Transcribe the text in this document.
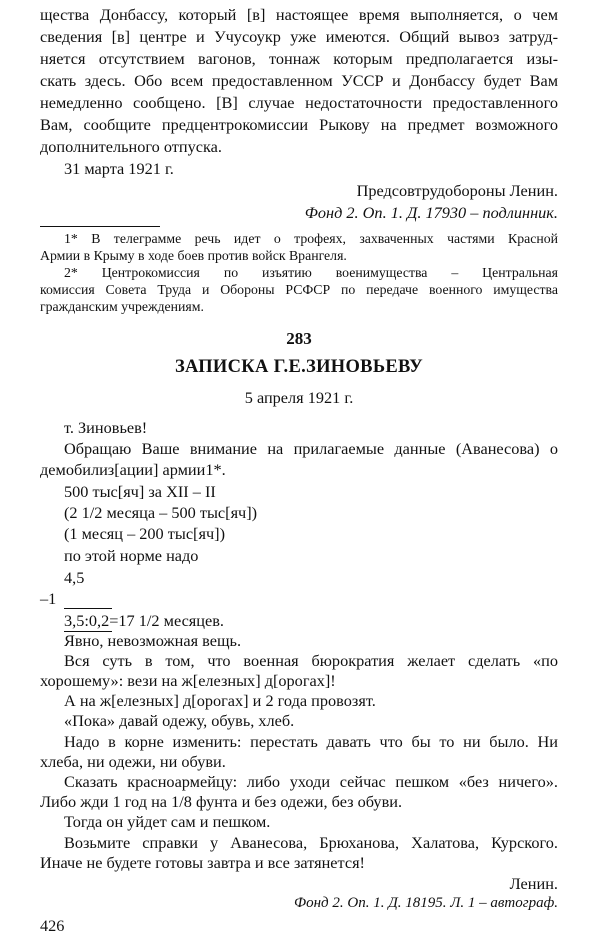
щества Донбассу, который [в] настоящее время выполняется, о чем
сведения [в] центре и Учусоукр уже имеются. Общий вывоз затруд-
няется отсутствием вагонов, тоннаж которым предполагается изы-
скать здесь. Обо всем предоставленном УССР и Донбассу будет Вам
немедленно сообщено. [В] случае недостаточности предоставленного
Вам, сообщите предцентрокомиссии Рыкову на предмет возможного
дополнительного отпуска.
31 марта 1921 г.
Предсовтрудобороны Ленин.
Фонд 2. Оп. 1. Д. 17930 – подлинник.
1* В телеграмме речь идет о трофеях, захваченных частями Красной
Армии в Крыму в ходе боев против войск Врангеля.
2* Центрокомиссия по изъятию военимущества – Центральная
комиссия Совета Труда и Обороны РСФСР по передаче военного имущества
гражданским учреждениям.
283
ЗАПИСКА Г.Е.ЗИНОВЬЕВУ
5 апреля 1921 г.
т. Зиновьев!
Обращаю Ваше внимание на прилагаемые данные (Аванесова) о
демобилиз[ации] армии1*.
500 тыс[яч] за XII – II
(2 1/2 месяца – 500 тыс[яч])
(1 месяц – 200 тыс[яч])
по этой норме надо
4,5
–1
3,5:0,2=17 1/2 месяцев.
Явно, невозможная вещь.
Вся суть в том, что военная бюрократия желает сделать «по
хорошему»: вези на ж[елезных] д[орогах]!
А на ж[елезных] д[орогах] и 2 года провозят.
«Пока» давай одежу, обувь, хлеб.
Надо в корне изменить: перестать давать что бы то ни было. Ни
хлеба, ни одежи, ни обуви.
Сказать красноармейцу: либо уходи сейчас пешком «без ничего».
Либо жди 1 год на 1/8 фунта и без одежи, без обуви.
Тогда он уйдет сам и пешком.
Возьмите справки у Аванесова, Брюханова, Халатова, Курского.
Иначе не будете готовы завтра и все затянется!
Ленин.
Фонд 2. Оп. 1. Д. 18195. Л. 1 – автограф.
426
